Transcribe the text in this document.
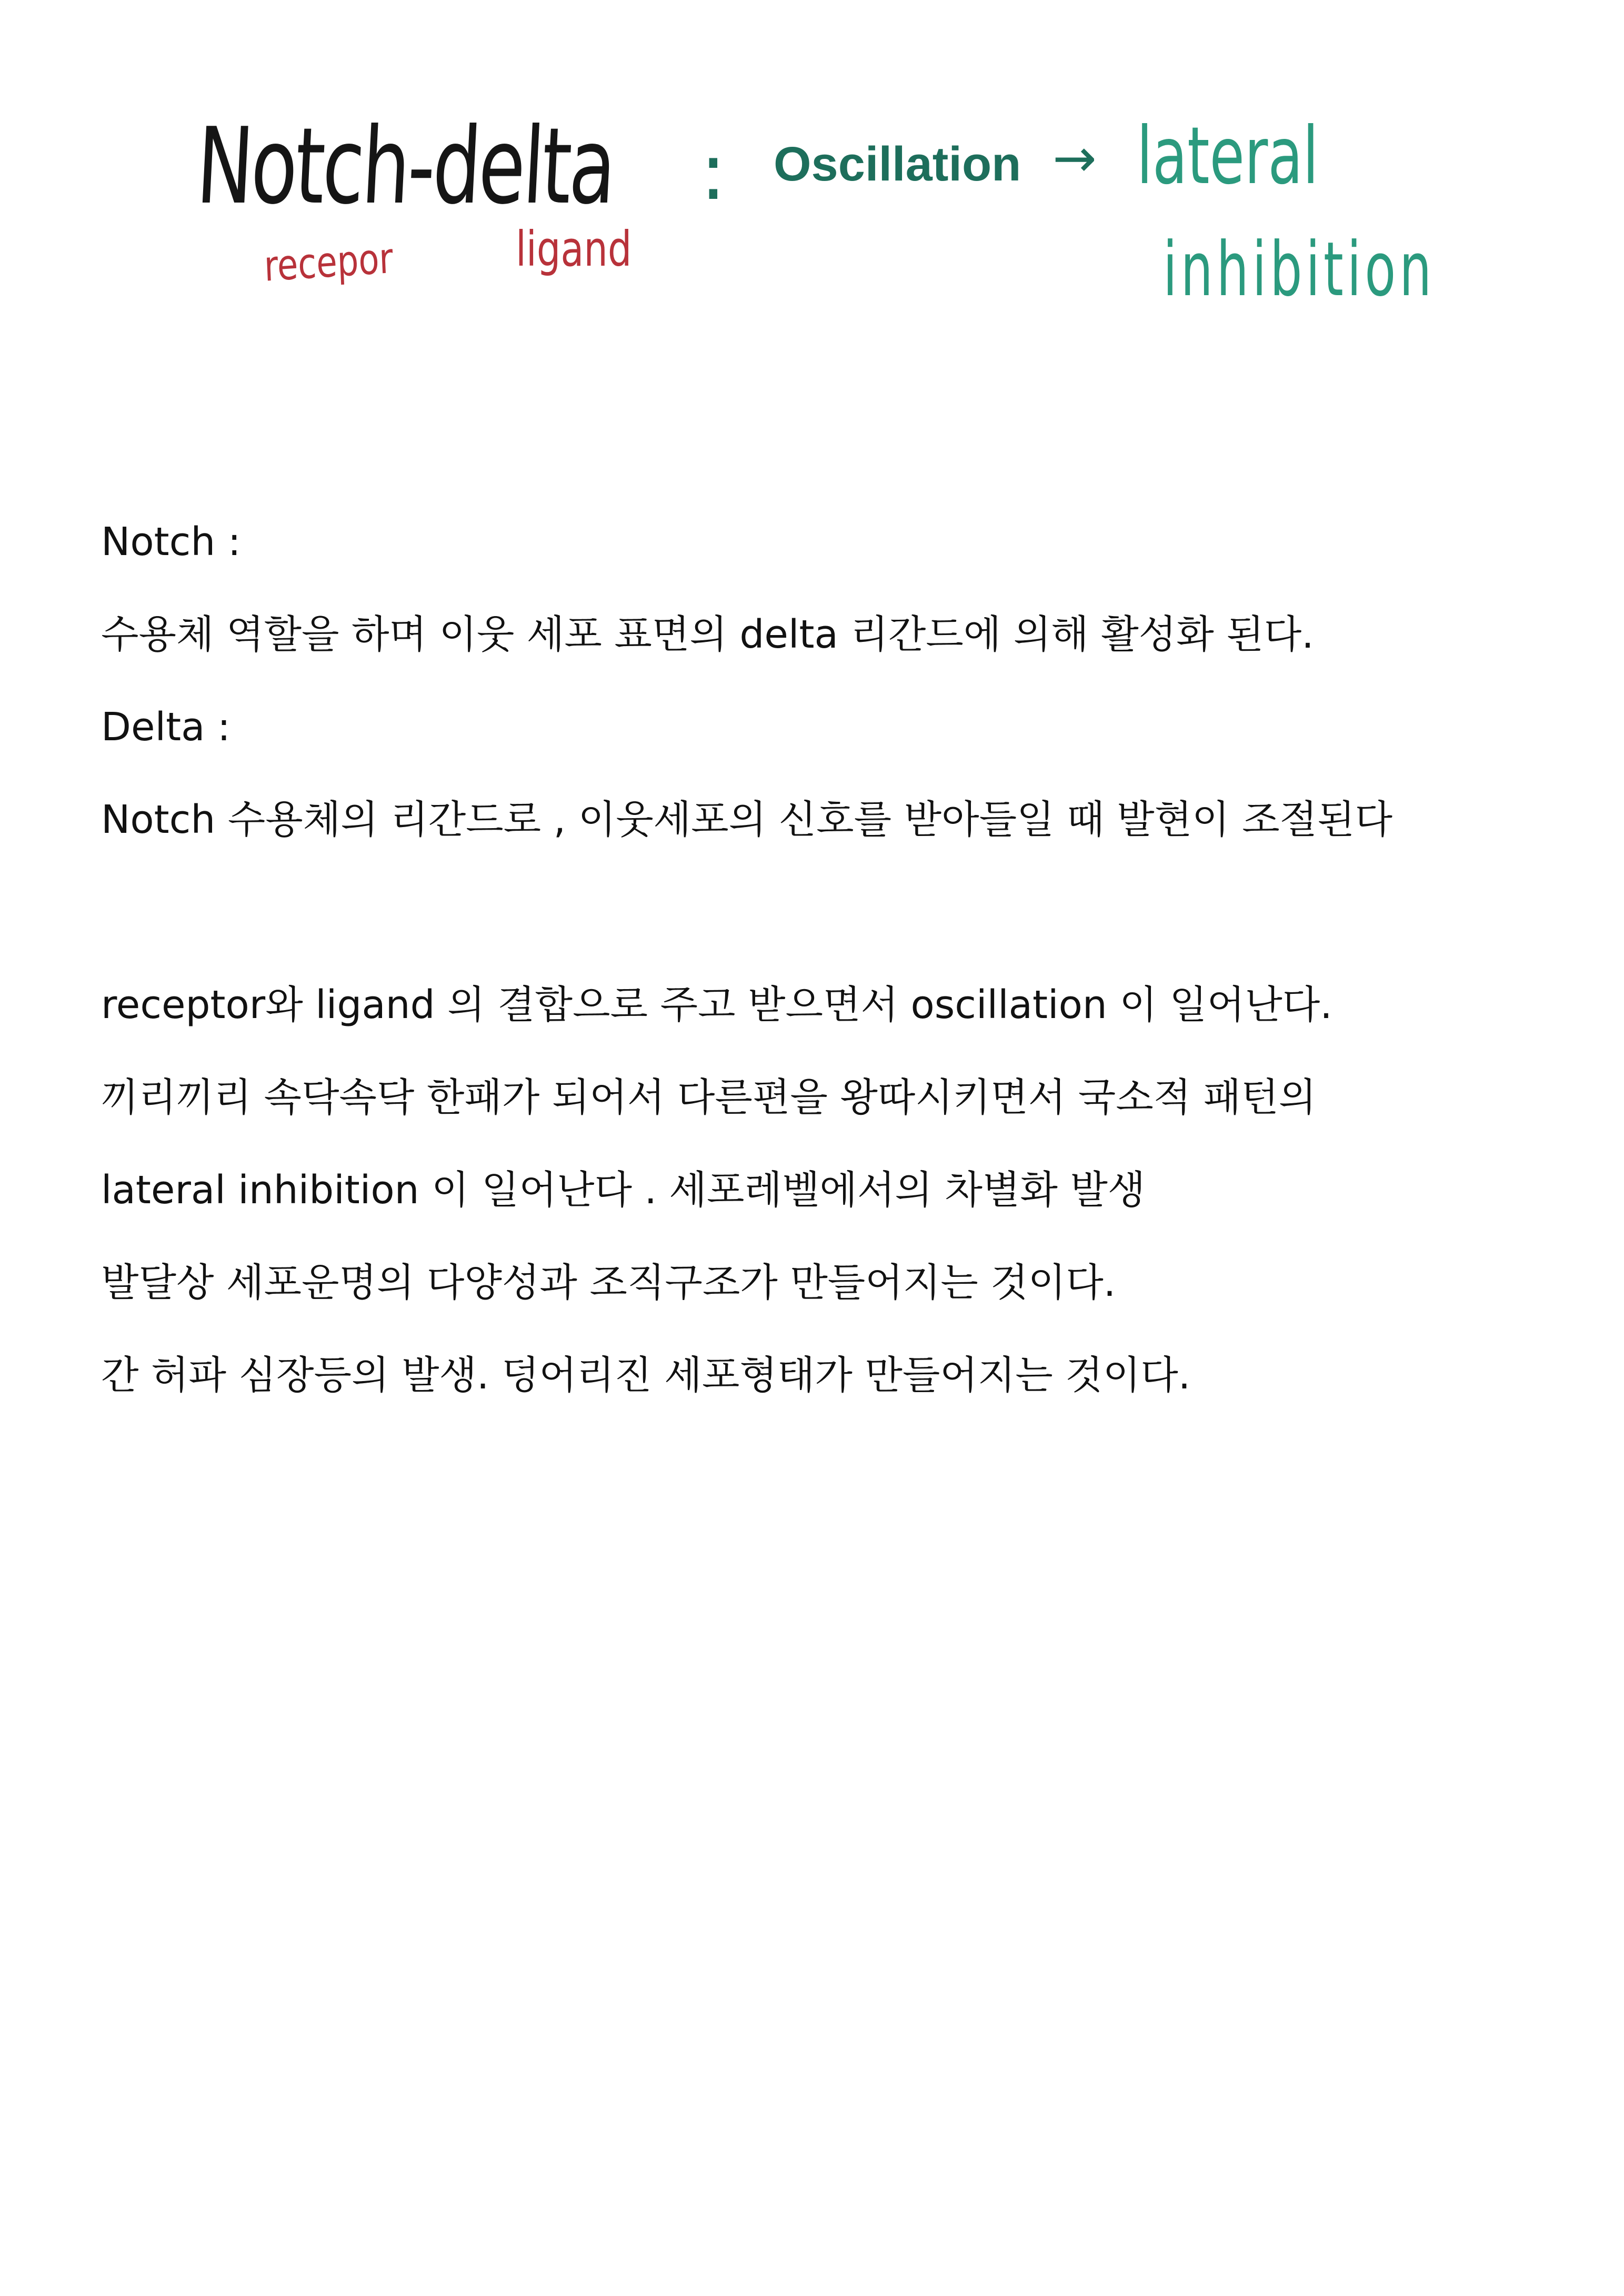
Notch-delta : Oscillation → lateral
inhibition
recepor	ligand

Notch :

수용체 역할을 하며 이웃 세포 표면의 delta 리간드에 의해 활성화 된다.

Delta :

Notch 수용체의 리간드로 , 이웃세포의 신호를 받아들일 때 발현이 조절된다

receptor와 ligand 의 결합으로 주고 받으면서 oscillation 이 일어난다.

끼리끼리 속닥속닥 한패가 되어서 다른편을 왕따시키면서 국소적 패턴의

lateral inhibition 이 일어난다 . 세포레벨에서의 차별화 발생

발달상 세포운명의 다양성과 조직구조가 만들어지는 것이다.

간 허파 심장등의 발생. 덩어리진 세포형태가 만들어지는 것이다.
